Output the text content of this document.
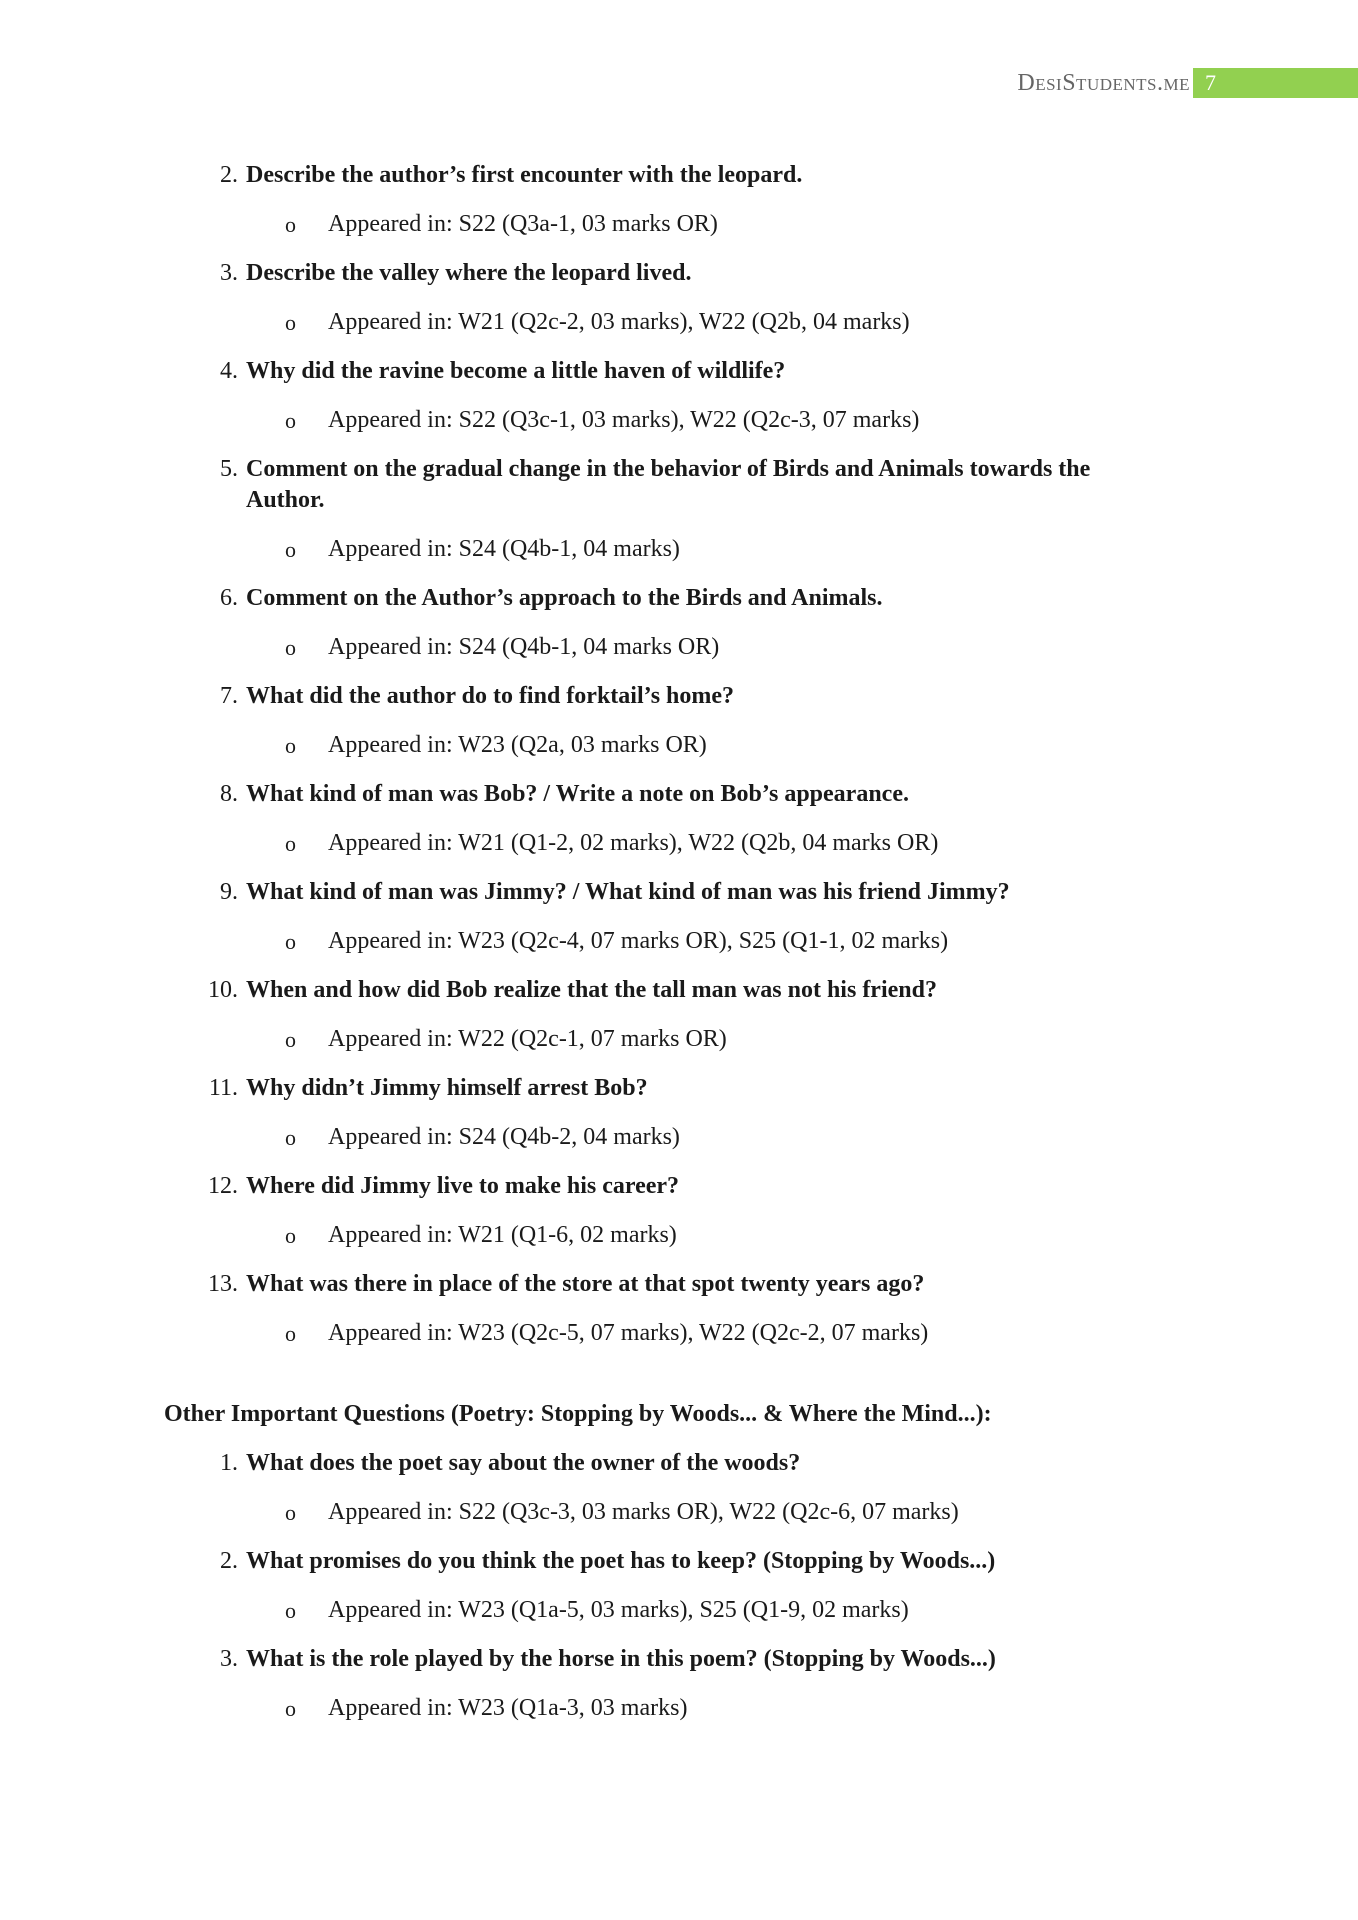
DesiStudents.me 7

2. Describe the author’s first encounter with the leopard.

o Appeared in: S22 (Q3a-1, 03 marks OR)

3. Describe the valley where the leopard lived.

o Appeared in: W21 (Q2c-2, 03 marks), W22 (Q2b, 04 marks)

4. Why did the ravine become a little haven of wildlife?

o Appeared in: S22 (Q3c-1, 03 marks), W22 (Q2c-3, 07 marks)

5. Comment on the gradual change in the behavior of Birds and Animals towards the Author.

o Appeared in: S24 (Q4b-1, 04 marks)

6. Comment on the Author’s approach to the Birds and Animals.

o Appeared in: S24 (Q4b-1, 04 marks OR)

7. What did the author do to find forktail’s home?

o Appeared in: W23 (Q2a, 03 marks OR)

8. What kind of man was Bob? / Write a note on Bob’s appearance.

o Appeared in: W21 (Q1-2, 02 marks), W22 (Q2b, 04 marks OR)

9. What kind of man was Jimmy? / What kind of man was his friend Jimmy?

o Appeared in: W23 (Q2c-4, 07 marks OR), S25 (Q1-1, 02 marks)

10. When and how did Bob realize that the tall man was not his friend?

o Appeared in: W22 (Q2c-1, 07 marks OR)

11. Why didn’t Jimmy himself arrest Bob?

o Appeared in: S24 (Q4b-2, 04 marks)

12. Where did Jimmy live to make his career?

o Appeared in: W21 (Q1-6, 02 marks)

13. What was there in place of the store at that spot twenty years ago?

o Appeared in: W23 (Q2c-5, 07 marks), W22 (Q2c-2, 07 marks)

Other Important Questions (Poetry: Stopping by Woods... & Where the Mind...):

1. What does the poet say about the owner of the woods?

o Appeared in: S22 (Q3c-3, 03 marks OR), W22 (Q2c-6, 07 marks)

2. What promises do you think the poet has to keep? (Stopping by Woods...)

o Appeared in: W23 (Q1a-5, 03 marks), S25 (Q1-9, 02 marks)

3. What is the role played by the horse in this poem? (Stopping by Woods...)

o Appeared in: W23 (Q1a-3, 03 marks)
